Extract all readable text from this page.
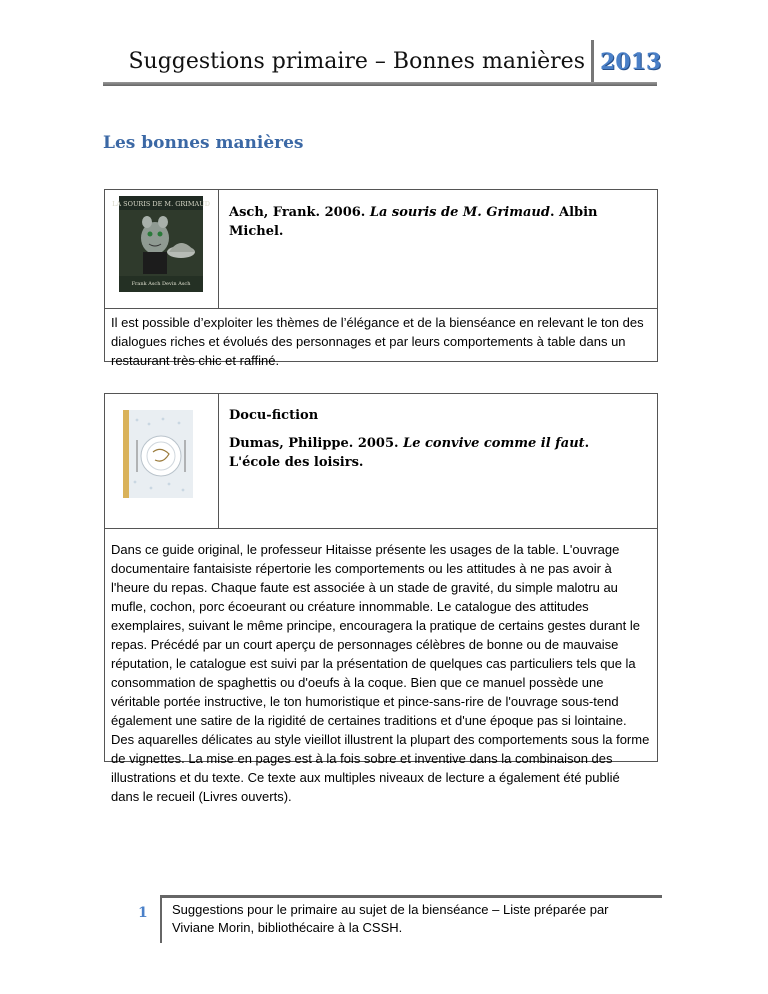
Suggestions primaire – Bonnes manières 2013
Les bonnes manières
LA SOURIS DE M. GRIMAUD
Frank Asch Devin Asch
Asch, Frank. 2006. La souris de M. Grimaud. Albin Michel.
Il est possible d’exploiter les thèmes de l’élégance et de la bienséance en relevant le ton des dialogues riches et évolués des personnages et par leurs comportements à table dans un restaurant très chic et raffiné.
Docu-fiction
Dumas, Philippe. 2005. Le convive comme il faut. L'école des loisirs.
Dans ce guide original, le professeur Hitaisse présente les usages de la table. L'ouvrage documentaire fantaisiste répertorie les comportements ou les attitudes à ne pas avoir à l'heure du repas. Chaque faute est associée à un stade de gravité, du simple malotru au mufle, cochon, porc écoeurant ou créature innommable. Le catalogue des attitudes exemplaires, suivant le même principe, encouragera la pratique de certains gestes durant le repas. Précédé par un court aperçu de personnages célèbres de bonne ou de mauvaise réputation, le catalogue est suivi par la présentation de quelques cas particuliers tels que la consommation de spaghettis ou d'oeufs à la coque. Bien que ce manuel possède une véritable portée instructive, le ton humoristique et pince-sans-rire de l'ouvrage sous-tend également une satire de la rigidité de certaines traditions et d'une époque pas si lointaine. Des aquarelles délicates au style vieillot illustrent la plupart des comportements sous la forme de vignettes. La mise en pages est à la fois sobre et inventive dans la combinaison des illustrations et du texte. Ce texte aux multiples niveaux de lecture a également été publié dans le recueil (Livres ouverts).
1 Suggestions pour le primaire au sujet de la bienséance – Liste préparée par Viviane Morin, bibliothécaire à la CSSH.
